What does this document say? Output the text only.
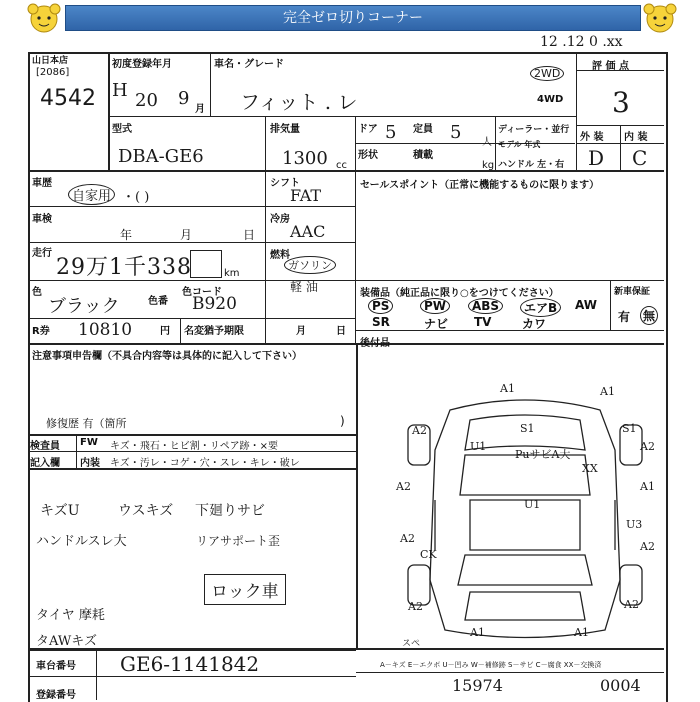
完全ゼロ切りコーナー
12 .12 0 .xx
山日本店
[2086]
4542
初度登録年月
H 20 9
月
車名・グレード
フィット . レ
2WD
4WD
評 価 点
3
型式
DBA-GE6
排気量
1300 cc
ドア 5 定員 5 人
ディーラー・並行
形状	積載
kg
モデル 年式
ハンドル 左・右
外 装 内 装
D C
車歴
自家用 ・( )
シフト
FAT
セールスポイント（正常に機能するものに限ります）
車検
年	月	日
冷房
AAC
走行
29万1千338	km
燃料
ガソリン
軽 油
色
ブラック	色番
色コード
B920
装備品（純正品に限り○をつけてください）	新車保証
PS	PW	ABS	エアB	AW
SR	ナビ TV	カワ	有 無
R券 10810	円 名変猶予期限	月	日
後付品
注意事項申告欄（不具合内容等は具体的に記入して下さい）
修復歴 有（箇所	)
検査員
記入欄
FW
内装
キズ・飛石・ヒビ割・リペア跡・×要
キズ・汚レ・コゲ・穴・スレ・キレ・破レ
キズU	ウスキズ 下廻りサビ
ハンドルスレ大	リアサポート歪
ロック車
タイヤ 摩耗
タAWキズ
車台番号 GE6-1141842
登録番号
A－キズ E－エクボ U－凹み W－補修跡 S－サビ C－腐食 XX－交換済
15974	0004
A1	A1
S1	S1
A2
A2
U1
PuサビA大
XX
A2	A1
U1
U3
A2
A2
CK
A2	A2
A1	A1
スペ
